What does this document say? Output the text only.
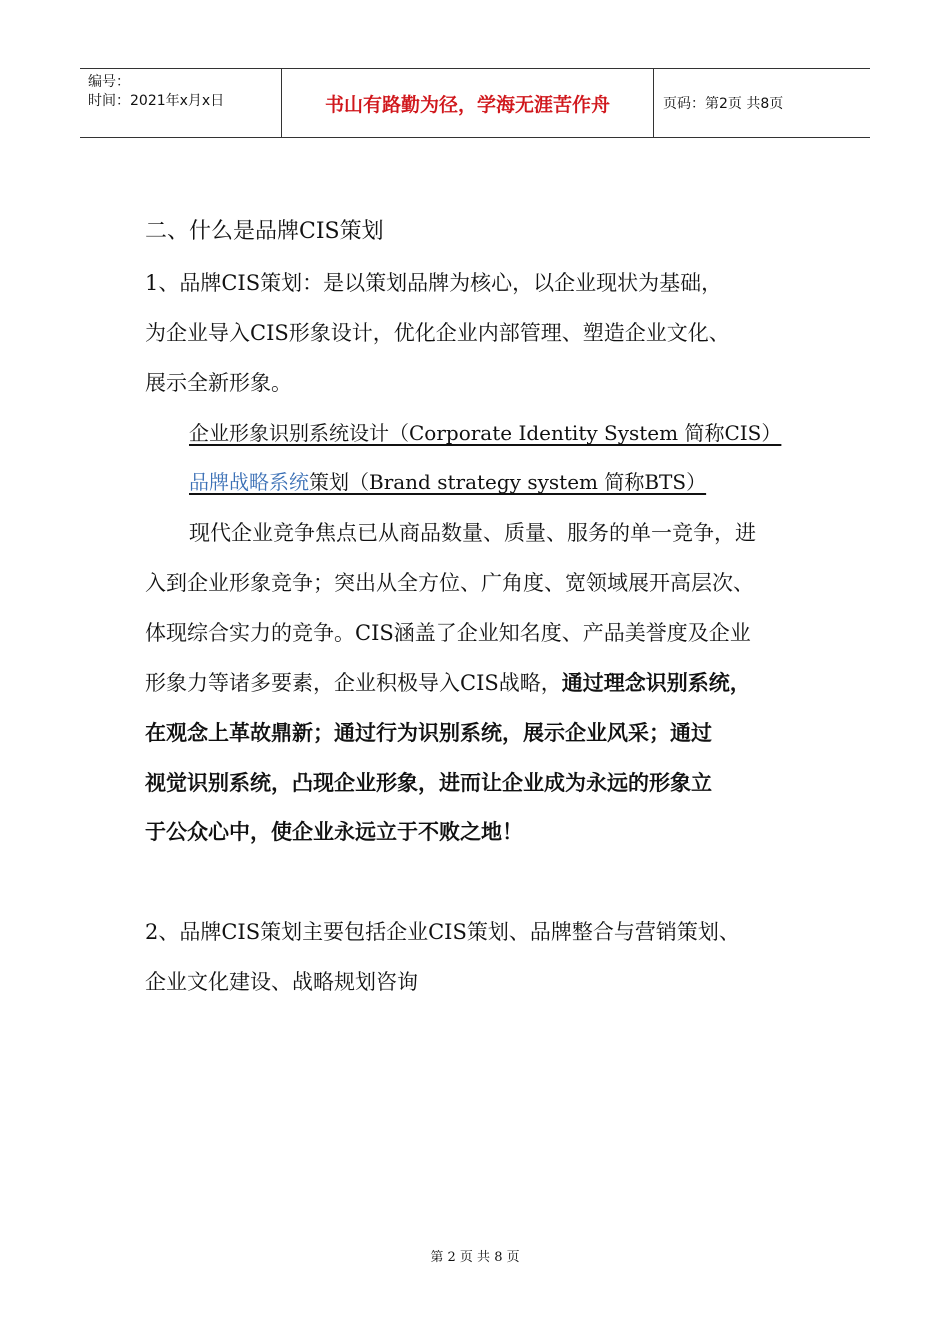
编号：
时间：2021年x月x日	书山有路勤为径，学海无涯苦作舟	页码：第2页 共8页
二、什么是品牌CIS策划
1、品牌CIS策划：是以策划品牌为核心，以企业现状为基础，
为企业导入CIS形象设计，优化企业内部管理、塑造企业文化、
展示全新形象。
企业形象识别系统设计（Corporate Identity System 简称CIS）
品牌战略系统策划（Brand strategy system 简称BTS）
现代企业竞争焦点已从商品数量、质量、服务的单一竞争，进
入到企业形象竞争；突出从全方位、广角度、宽领域展开高层次、
体现综合实力的竞争。CIS涵盖了企业知名度、产品美誉度及企业
形象力等诸多要素，企业积极导入CIS战略，通过理念识别系统，
在观念上革故鼎新；通过行为识别系统，展示企业风采；通过
视觉识别系统，凸现企业形象，进而让企业成为永远的形象立
于公众心中，使企业永远立于不败之地！
2、品牌CIS策划主要包括企业CIS策划、品牌整合与营销策划、
企业文化建设、战略规划咨询
第 2 页 共 8 页
